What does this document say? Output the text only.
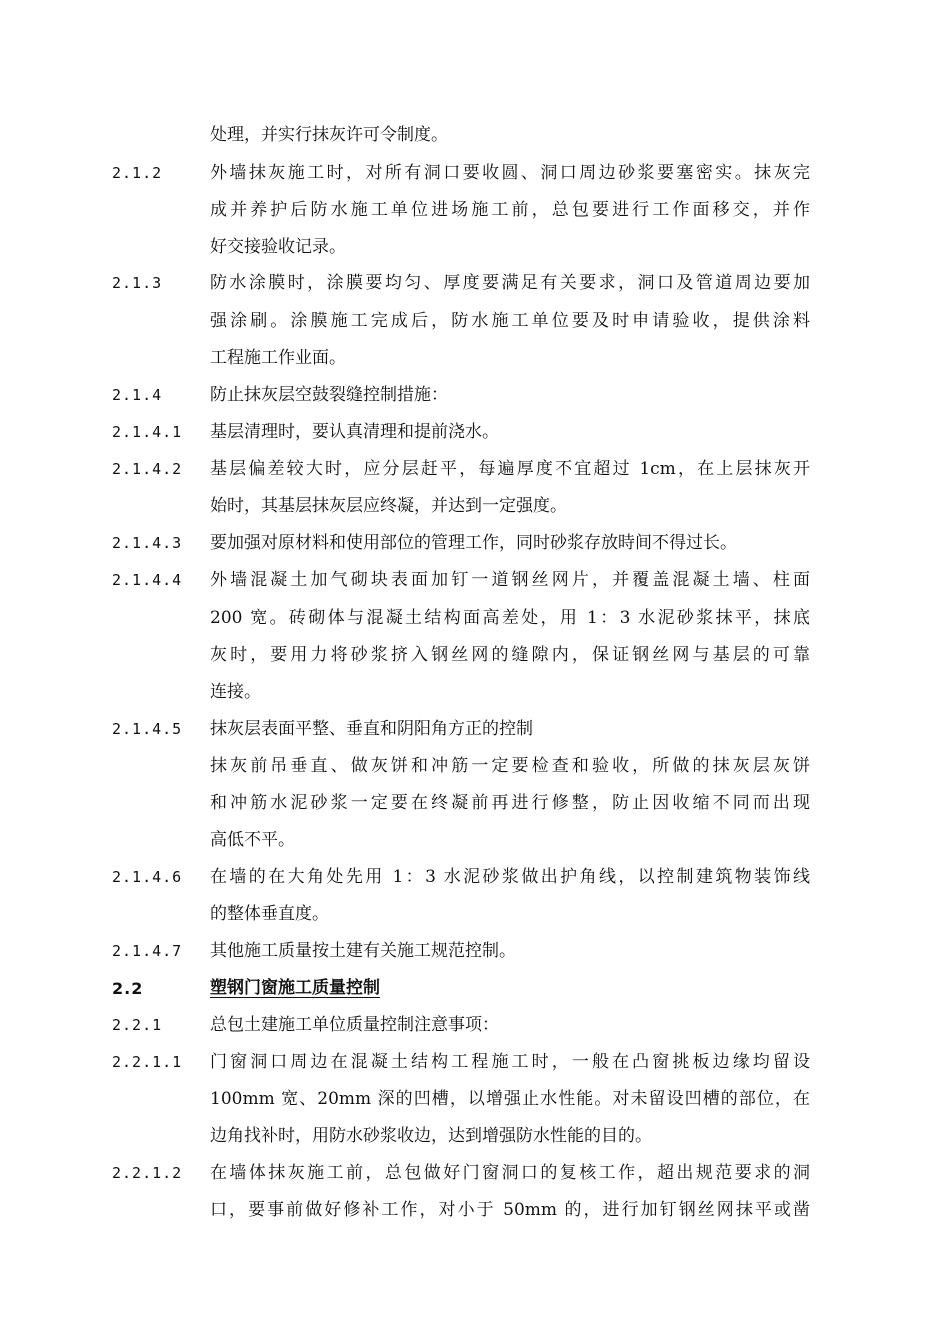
处理，并实行抹灰许可令制度。
2.1.2	外墙抹灰施工时，对所有洞口要收圆、洞口周边砂浆要塞密实。抹灰完
成并养护后防水施工单位进场施工前，总包要进行工作面移交，并作
好交接验收记录。
2.1.3	防水涂膜时，涂膜要均匀、厚度要满足有关要求，洞口及管道周边要加
强涂刷。涂膜施工完成后，防水施工单位要及时申请验收，提供涂料
工程施工作业面。
2.1.4	防止抹灰层空鼓裂缝控制措施：
2.1.4.1 基层清理时，要认真清理和提前浇水。
2.1.4.2 基层偏差较大时，应分层赶平，每遍厚度不宜超过 1cm，在上层抹灰开
始时，其基层抹灰层应终凝，并达到一定强度。
2.1.4.3 要加强对原材料和使用部位的管理工作，同时砂浆存放時间不得过长。
2.1.4.4 外墙混凝土加气砌块表面加钉一道钢丝网片，并覆盖混凝土墙、柱面
200 宽。砖砌体与混凝土结构面高差处，用 1：3 水泥砂浆抹平，抹底
灰时，要用力将砂浆挤入钢丝网的缝隙内，保证钢丝网与基层的可靠
连接。
2.1.4.5 抹灰层表面平整、垂直和阴阳角方正的控制
抹灰前吊垂直、做灰饼和冲筋一定要检查和验收，所做的抹灰层灰饼
和冲筋水泥砂浆一定要在终凝前再进行修整，防止因收缩不同而出现
高低不平。
2.1.4.6 在墙的在大角处先用 1：3 水泥砂浆做出护角线，以控制建筑物装饰线
的整体垂直度。
2.1.4.7 其他施工质量按土建有关施工规范控制。
2.2	塑钢门窗施工质量控制
2.2.1	总包土建施工单位质量控制注意事项：
2.2.1.1 门窗洞口周边在混凝土结构工程施工时，一般在凸窗挑板边缘均留设
100mm 宽、20mm 深的凹槽，以增强止水性能。对未留设凹槽的部位，在
边角找补时，用防水砂浆收边，达到增强防水性能的目的。
2.2.1.2 在墙体抹灰施工前，总包做好门窗洞口的复核工作，超出规范要求的洞
口，要事前做好修补工作，对小于 50mm 的，进行加钉钢丝网抹平或凿
